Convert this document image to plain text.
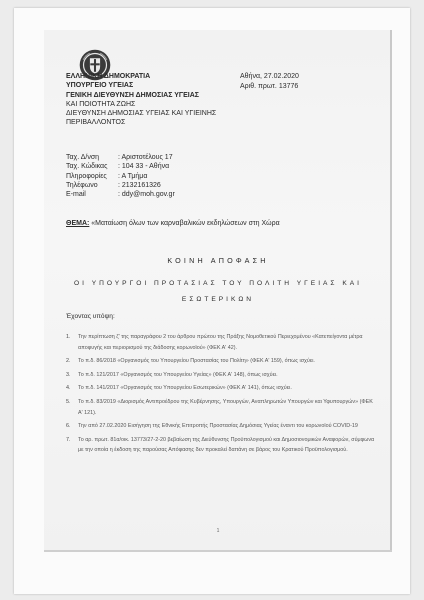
ΕΛΛΗΝΙΚΗ ΔΗΜΟΚΡΑΤΙΑ
ΥΠΟΥΡΓΕΙΟ ΥΓΕΙΑΣ
ΓΕΝΙΚΗ ΔΙΕΥΘΥΝΣΗ ΔΗΜΟΣΙΑΣ ΥΓΕΙΑΣ
ΚΑΙ ΠΟΙΟΤΗΤΑ ΖΩΗΣ
ΔΙΕΥΘΥΝΣΗ ΔΗΜΟΣΙΑΣ ΥΓΕΙΑΣ ΚΑΙ ΥΓΙΕΙΝΗΣ
ΠΕΡΙΒΑΛΛΟΝΤΟΣ
Ταχ. Δ/νση	: Αριστοτέλους 17
Ταχ. Κώδικας	: 104 33 - Αθήνα
Πληροφορίες	: Α Τμήμα
Τηλέφωνο	: 2132161326
E-mail	: ddy@moh.gov.gr
Αθήνα, 27.02.2020
Αριθ. πρωτ. 13776
ΘΕΜΑ: «Ματαίωση όλων των καρναβαλικών εκδηλώσεων στη Χώρα
ΚΟΙΝΗ ΑΠΟΦΑΣΗ
ΟΙ ΥΠΟΥΡΓΟΙ ΠΡΟΤΑΣΙΑΣ ΤΟΥ ΠΟΛΙΤΗ ΥΓΕΙΑΣ ΚΑΙ
ΕΣΩΤΕΡΙΚΩΝ
Έχοντας υπόψη:
1.	Την περίπτωση ζ' της παραγράφου 2 του άρθρου πρώτου της Πράξης Νομοθετικού Περιεχομένου «Κατεπείγοντα μέτρα αποφυγής και περιορισμού της διάδοσης κορωνοϊού» (ΦΕΚ Α' 42).
2.	Το π.δ. 86/2018 «Οργανισμός του Υπουργείου Προστασίας του Πολίτη» (ΦΕΚ Α' 159), όπως ισχύει.
3.	Το π.δ. 121/2017 «Οργανισμός του Υπουργείου Υγείας» (ΦΕΚ Α' 148), όπως ισχύει.
4.	Το π.δ. 141/2017 «Οργανισμός του Υπουργείου Εσωτερικών» (ΦΕΚ Α' 141), όπως ισχύει.
5.	Το π.δ. 83/2019 «Διορισμός Αντιπροέδρου της Κυβέρνησης, Υπουργών, Αναπληρωτών Υπουργών και Υφυπουργών» (ΦΕΚ Α' 121).
6.	Την από 27.02.2020 Εισήγηση της Εθνικής Επιτροπής Προστασίας Δημόσιας Υγείας έναντι του κορωνοϊού COVID-19
7.	Το αρ. πρωτ. 81α/οικ. 13773/27-2-20 βεβαίωση της Διεύθυνσης Προϋπολογισμού και Δημοσιονομικών Αναφορών, σύμφωνα με την οποία η έκδοση της παρούσας Απόφασης δεν προκαλεί δαπάνη σε βάρος του Κρατικού Προϋπολογισμού.
1
